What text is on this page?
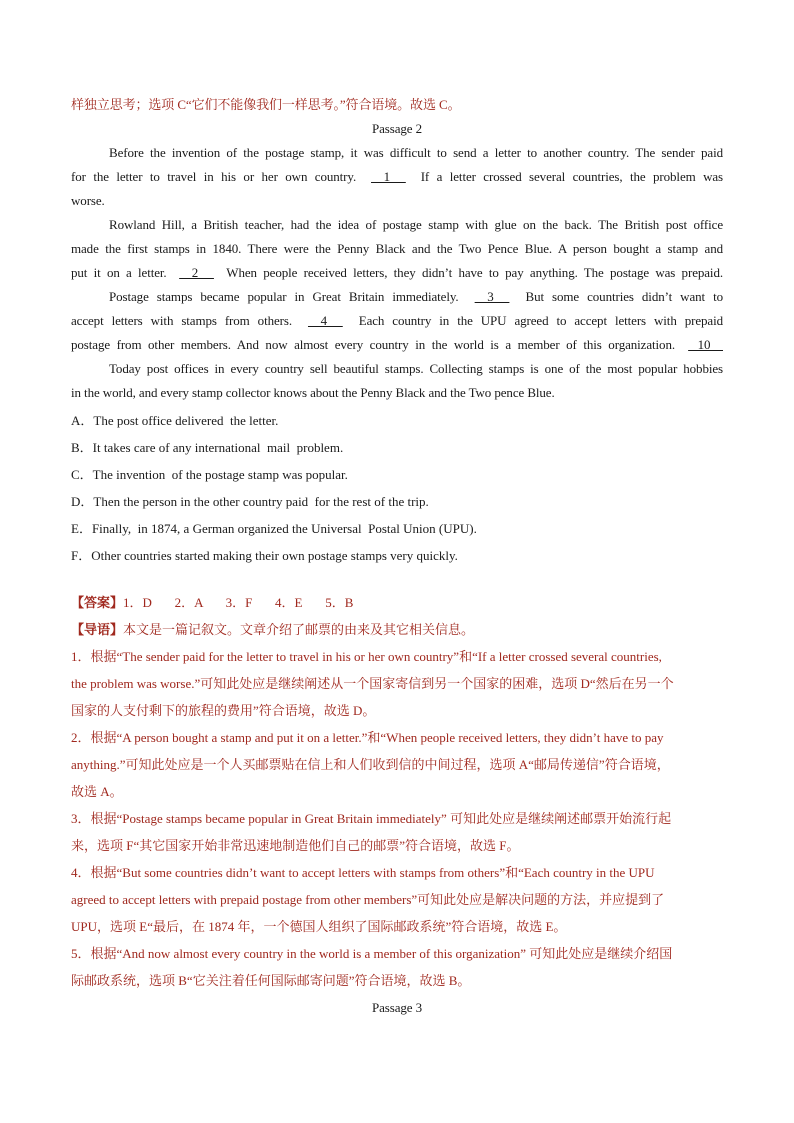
样独立思考；选项 C“它们不能像我们一样思考。”符合语境。故选 C。
Passage 2
Before the invention of the postage stamp, it was difficult to send a letter to another country. The sender paid
for the letter to travel in his or her own country.      1       If a letter crossed several countries, the problem was
worse.
Rowland Hill, a British teacher, had the idea of postage stamp with glue on the back. The British post office
made the first stamps in 1840. There were the Penny Black and the Two Pence Blue. A person bought a stamp and
put it on a letter.      2       When people received letters, they didn’t have to pay anything. The postage was prepaid.
Postage stamps became popular in Great Britain immediately.      3       But some countries didn’t want to
accept letters with stamps from others.      4       Each country in the UPU agreed to accept letters with prepaid
postage from other members. And now almost every country in the world is a member of this organization.     10
Today post offices in every country sell beautiful stamps. Collecting stamps is one of the most popular hobbies
in the world, and every stamp collector knows about the Penny Black and the Two pence Blue.
A．The post office delivered  the letter.
B．It takes care of any international  mail  problem.
C．The invention  of the postage stamp was popular.
D．Then the person in the other country paid  for the rest of the trip.
E．Finally,  in 1874, a German organized the Universal  Postal Union (UPU).
F．Other countries started making their own postage stamps very quickly.
【答案】1．D       2．A       3．F       4．E       5．B
【导语】本文是一篇记叙文。文章介绍了邮票的由来及其它相关信息。
1．根据“The sender paid for the letter to travel in his or her own country”和“If a letter crossed several countries,
the problem was worse.”可知此处应是继续阐述从一个国家寄信到另一个国家的困难，选项 D“然后在另一个
国家的人支付剩下的旅程的费用”符合语境，故选 D。
2．根据“A person bought a stamp and put it on a letter.”和“When people received letters, they didn’t have to pay
anything.”可知此处应是一个人买邮票贴在信上和人们收到信的中间过程，选项 A“邮局传递信”符合语境，
故选 A。
3．根据“Postage stamps became popular in Great Britain immediately” 可知此处应是继续阐述邮票开始流行起
来，选项 F“其它国家开始非常迅速地制造他们自己的邮票”符合语境，故选 F。
4．根据“But some countries didn’t want to accept letters with stamps from others”和“Each country in the UPU
agreed to accept letters with prepaid postage from other members”可知此处应是解决问题的方法，并应提到了
UPU，选项 E“最后，在 1874 年，一个德国人组织了国际邮政系统”符合语境，故选 E。
5．根据“And now almost every country in the world is a member of this organization” 可知此处应是继续介绍国
际邮政系统，选项 B“它关注着任何国际邮寄问题”符合语境，故选 B。
Passage 3
